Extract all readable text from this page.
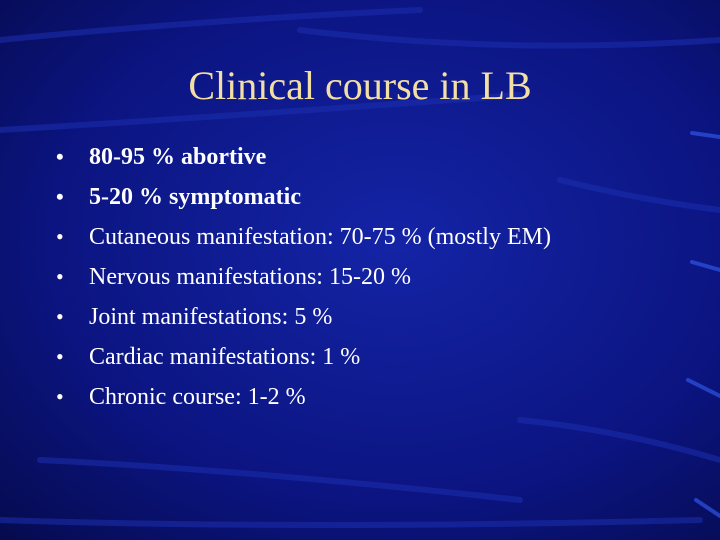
Clinical course in LB
•	80-95 % abortive
•	5-20 % symptomatic
•	Cutaneous manifestation: 70-75 % (mostly EM)
•	Nervous manifestations: 15-20 %
•	Joint manifestations: 5 %
•	Cardiac manifestations: 1 %
•	Chronic course: 1-2 %
